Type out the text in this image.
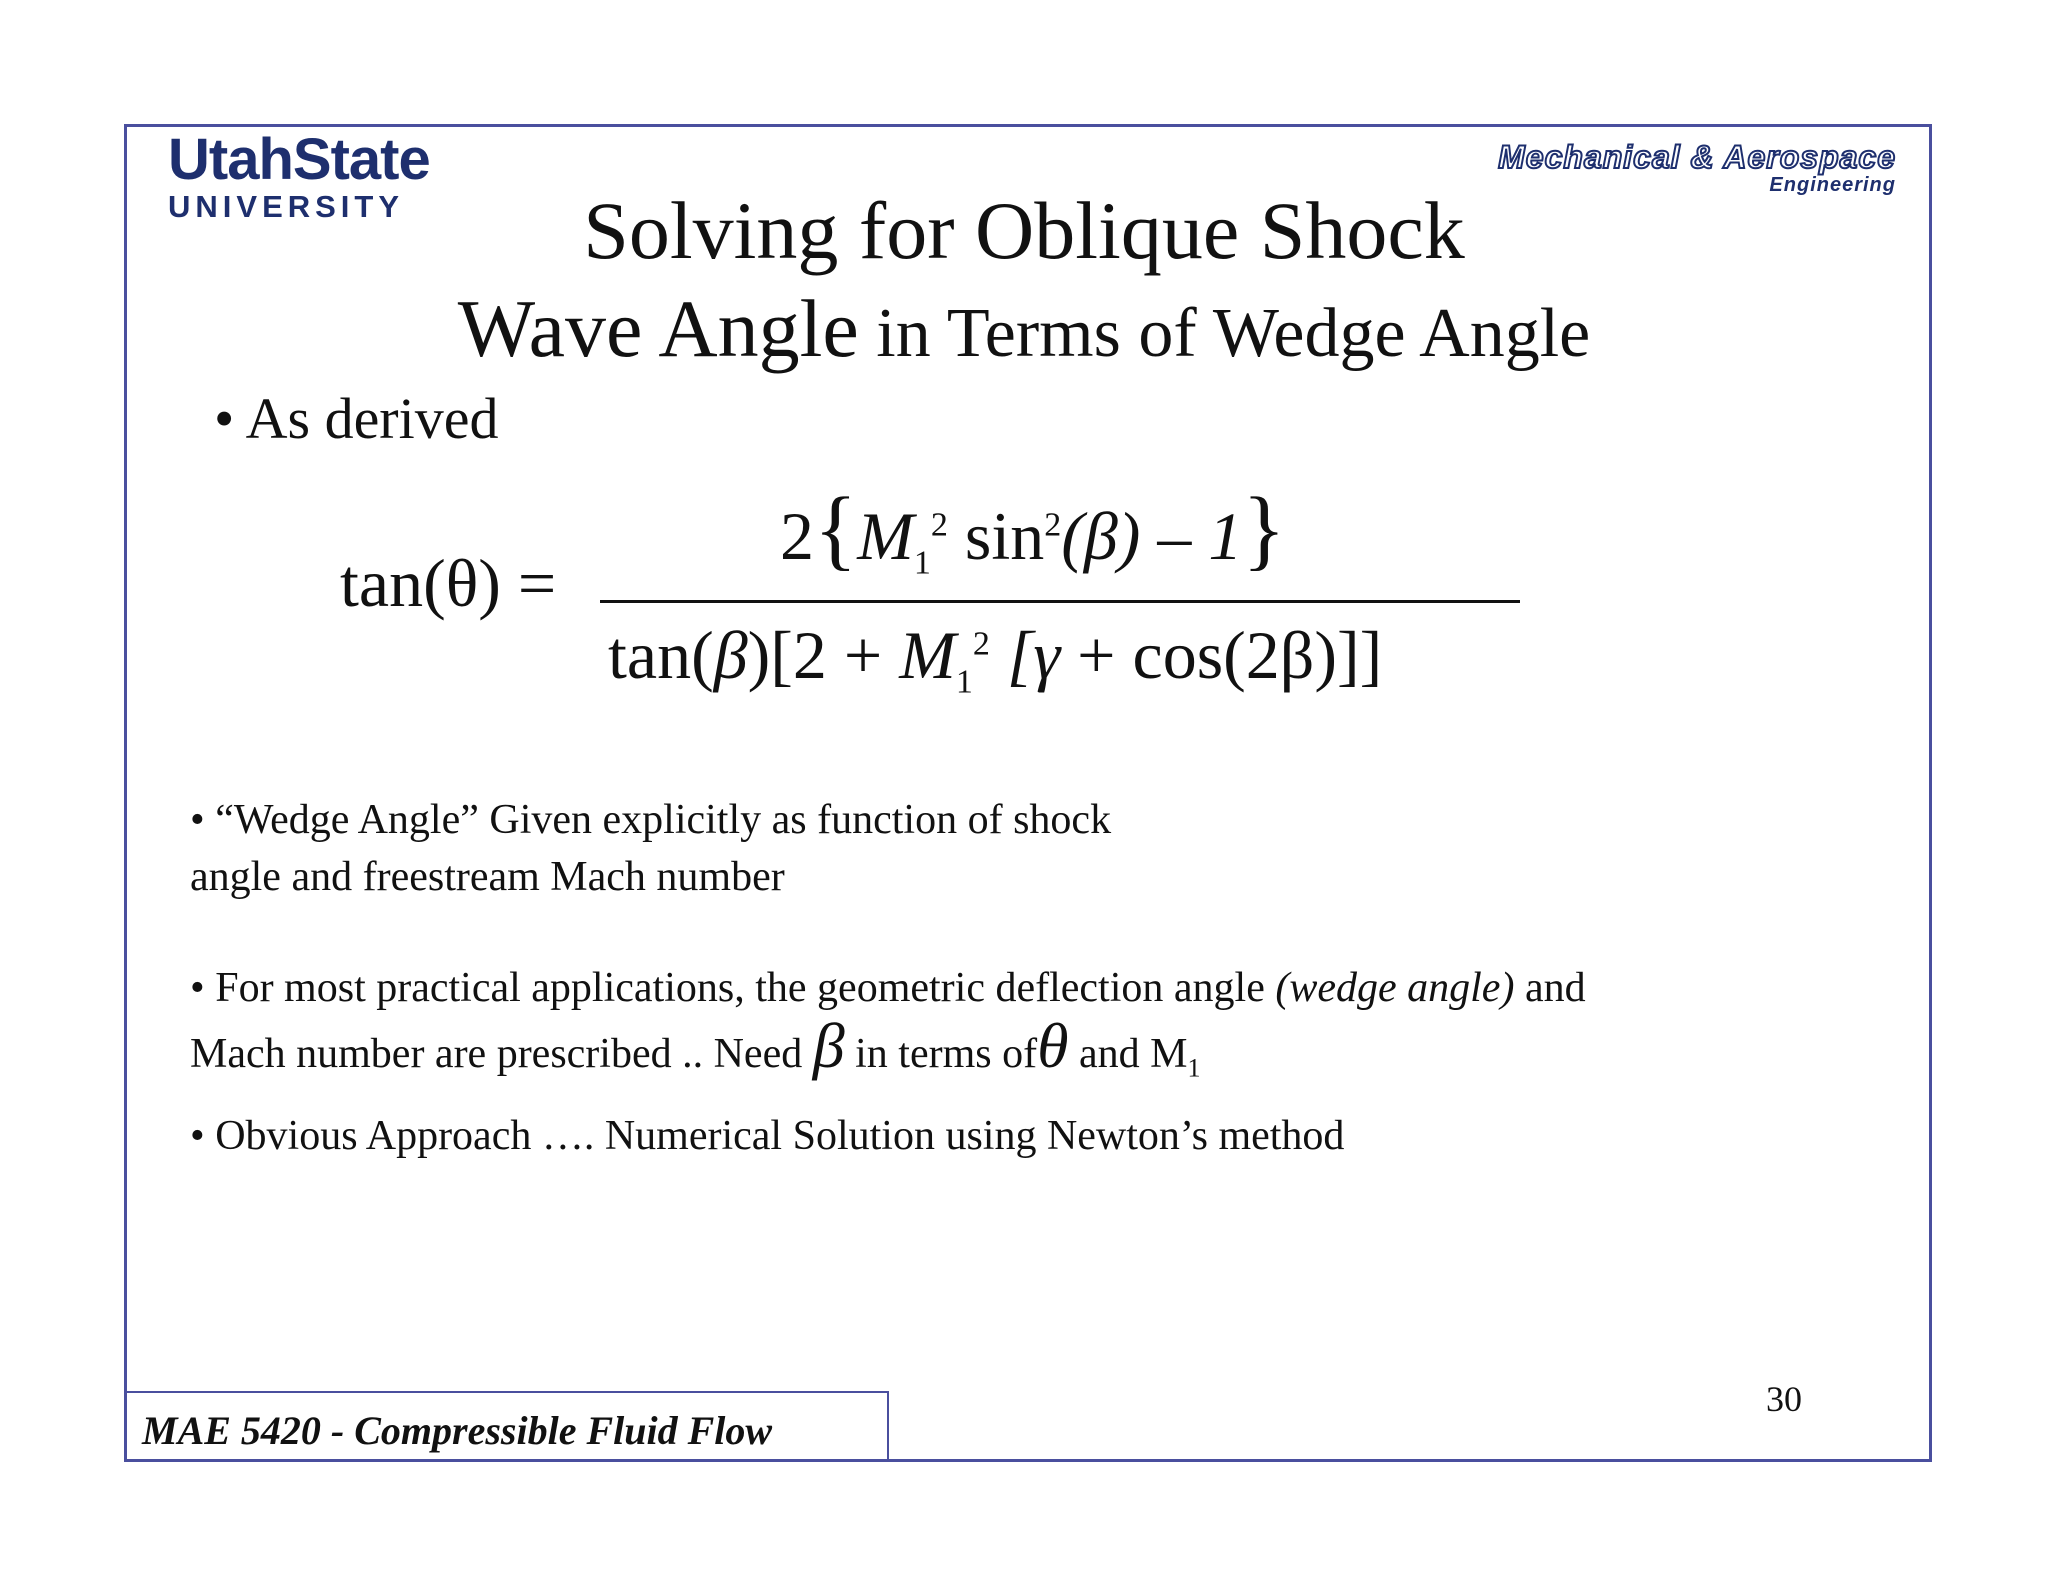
UtahState
UNIVERSITY
Mechanical & Aerospace
Engineering
Solving for Oblique Shock
Wave Angle in Terms of Wedge Angle
• As derived
tan(θ) =
$2\{M_1^2$ $\sin^2(\beta) - 1$}
$\tan(\beta)[2 + M_1^2$ [γ + cos(2β)]]
• “Wedge Angle” Given explicitly as function of shock
angle and freestream Mach number
• For most practical applications, the geometric deflection angle (wedge angle) and
Mach number are prescribed .. Need β in terms ofθ and $M_1$
• Obvious Approach …. Numerical Solution using Newton’s method
MAE 5420 - Compressible Fluid Flow
30
